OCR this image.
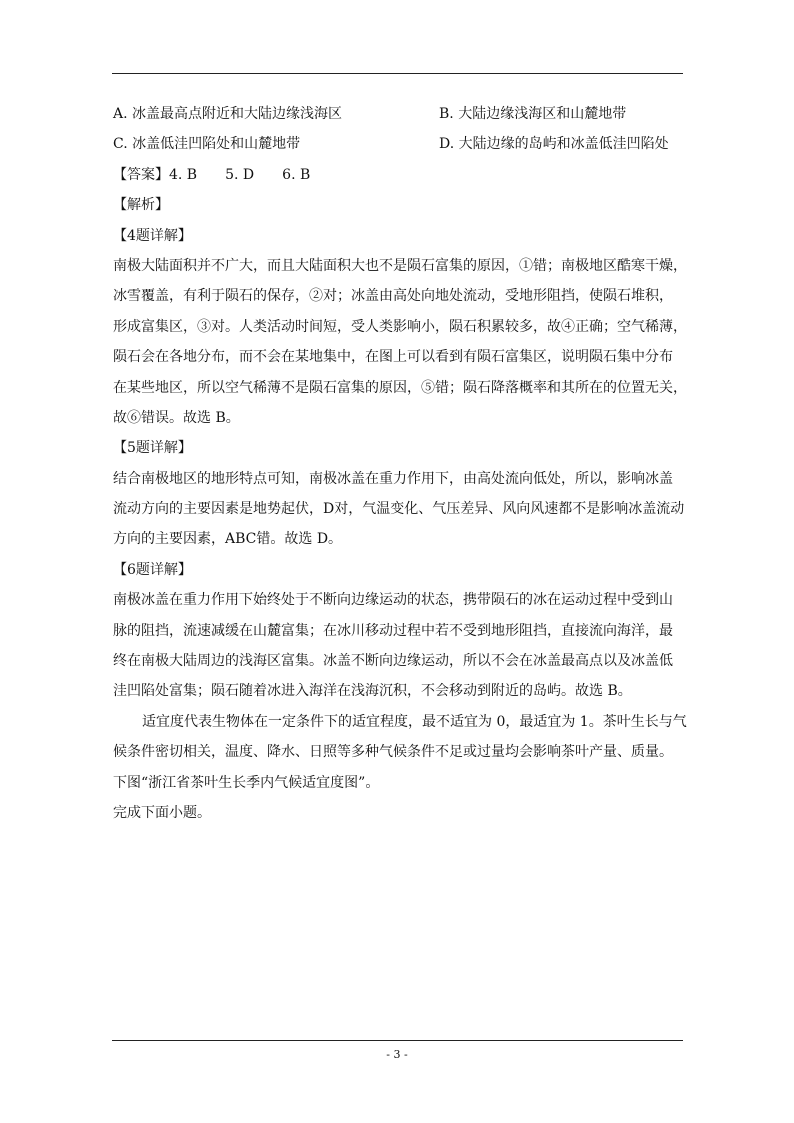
A. 冰盖最高点附近和大陆边缘浅海区	B. 大陆边缘浅海区和山麓地带
C. 冰盖低洼凹陷处和山麓地带	D. 大陆边缘的岛屿和冰盖低洼凹陷处
【答案】4. B 5. D 6. B
【解析】
【4题详解】
南极大陆面积并不广大，而且大陆面积大也不是陨石富集的原因，①错；南极地区酷寒干燥，
冰雪覆盖，有利于陨石的保存，②对；冰盖由高处向地处流动，受地形阻挡，使陨石堆积，
形成富集区，③对。人类活动时间短，受人类影响小，陨石积累较多，故④正确；空气稀薄，
陨石会在各地分布，而不会在某地集中，在图上可以看到有陨石富集区，说明陨石集中分布
在某些地区，所以空气稀薄不是陨石富集的原因，⑤错；陨石降落概率和其所在的位置无关，
故⑥错误。故选 B。
【5题详解】
结合南极地区的地形特点可知，南极冰盖在重力作用下，由高处流向低处，所以，影响冰盖
流动方向的主要因素是地势起伏，D对，气温变化、气压差异、风向风速都不是影响冰盖流动
方向的主要因素，ABC错。故选 D。
【6题详解】
南极冰盖在重力作用下始终处于不断向边缘运动的状态，携带陨石的冰在运动过程中受到山
脉的阻挡，流速减缓在山麓富集；在冰川移动过程中若不受到地形阻挡，直接流向海洋，最
终在南极大陆周边的浅海区富集。冰盖不断向边缘运动，所以不会在冰盖最高点以及冰盖低
洼凹陷处富集；陨石随着冰进入海洋在浅海沉积，不会移动到附近的岛屿。故选 B。
适宜度代表生物体在一定条件下的适宜程度，最不适宜为 0，最适宜为 1。茶叶生长与气
候条件密切相关，温度、降水、日照等多种气候条件不足或过量均会影响茶叶产量、质量。
下图“浙江省茶叶生长季内气候适宜度图”。
完成下面小题。
- 3 -
